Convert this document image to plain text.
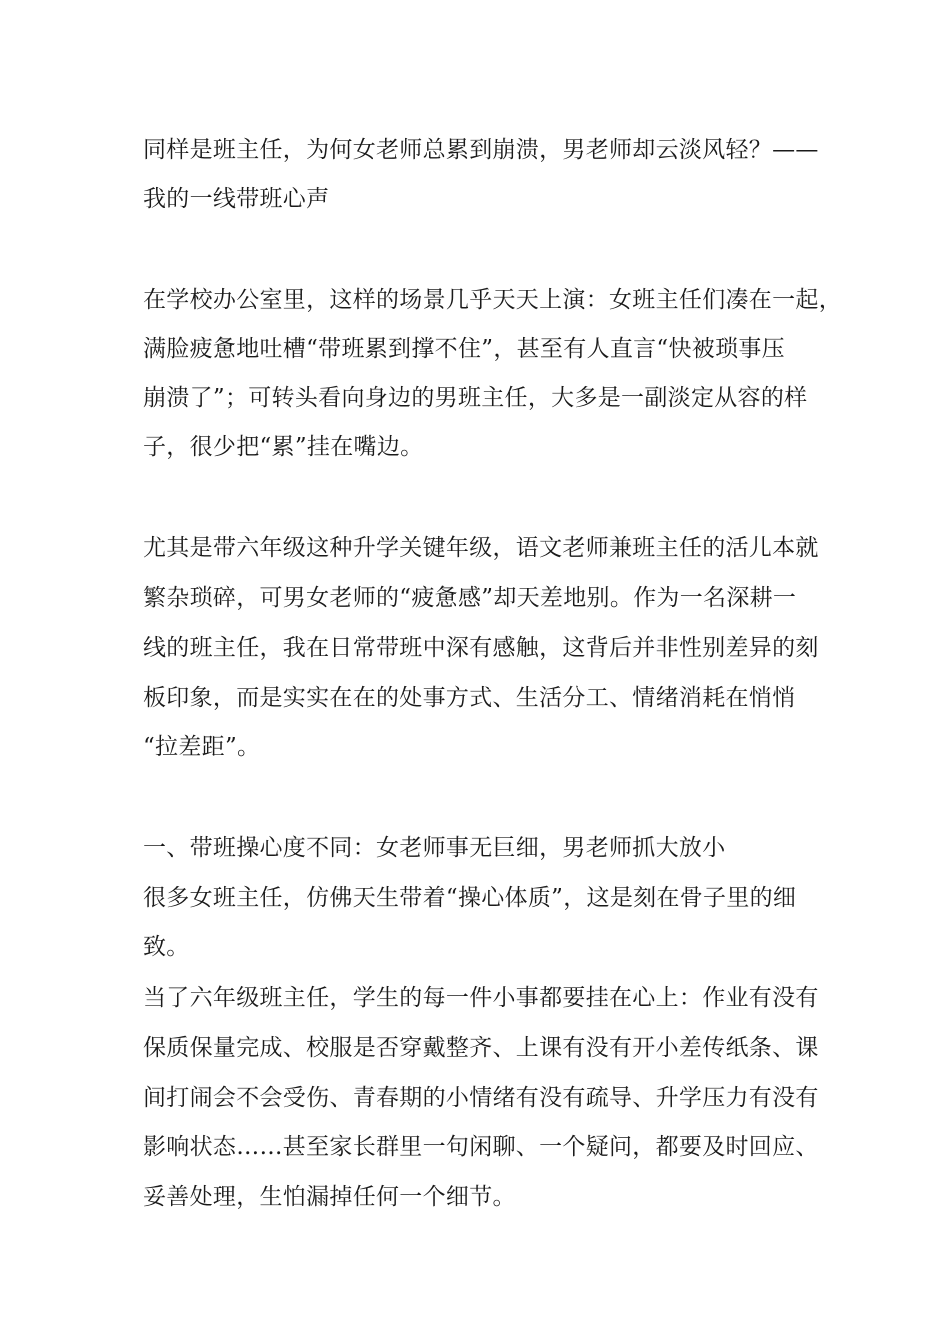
同样是班主任，为何女老师总累到崩溃，男老师却云淡风轻？——
我的一线带班心声
在学校办公室里，这样的场景几乎天天上演：女班主任们凑在一起，
满脸疲惫地吐槽“带班累到撑不住”，甚至有人直言“快被琐事压
崩溃了”；可转头看向身边的男班主任，大多是一副淡定从容的样
子，很少把“累”挂在嘴边。
尤其是带六年级这种升学关键年级，语文老师兼班主任的活儿本就
繁杂琐碎，可男女老师的“疲惫感”却天差地别。作为一名深耕一
线的班主任，我在日常带班中深有感触，这背后并非性别差异的刻
板印象，而是实实在在的处事方式、生活分工、情绪消耗在悄悄
“拉差距”。
一、带班操心度不同：女老师事无巨细，男老师抓大放小
很多女班主任，仿佛天生带着“操心体质”，这是刻在骨子里的细
致。
当了六年级班主任，学生的每一件小事都要挂在心上：作业有没有
保质保量完成、校服是否穿戴整齐、上课有没有开小差传纸条、课
间打闹会不会受伤、青春期的小情绪有没有疏导、升学压力有没有
影响状态……甚至家长群里一句闲聊、一个疑问，都要及时回应、
妥善处理，生怕漏掉任何一个细节。
